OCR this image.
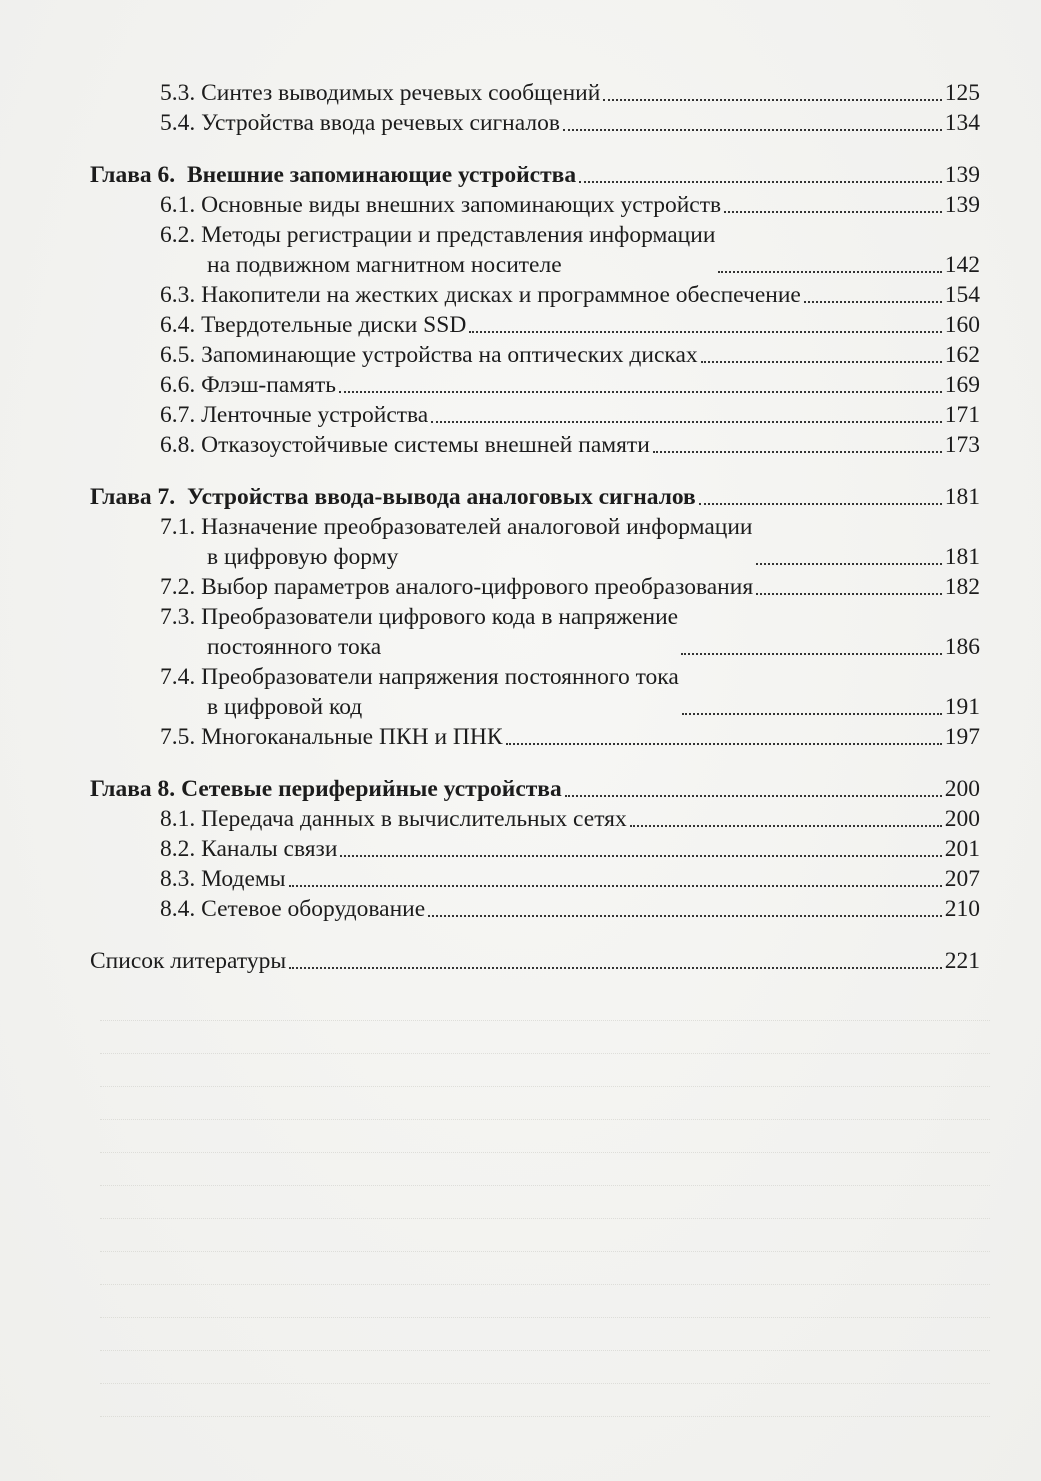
5.3. Синтез выводимых речевых сообщений	125
5.4. Устройства ввода речевых сигналов	134
Глава 6. Внешние запоминающие устройства	139
6.1. Основные виды внешних запоминающих устройств	139
6.2. Методы регистрации и представления информации
на подвижном магнитном носителе	142
6.3. Накопители на жестких дисках и программное обеспечение	154
6.4. Твердотельные диски SSD	160
6.5. Запоминающие устройства на оптических дисках	162
6.6. Флэш-память	169
6.7. Ленточные устройства	171
6.8. Отказоустойчивые системы внешней памяти	173
Глава 7. Устройства ввода-вывода аналоговых сигналов	181
7.1. Назначение преобразователей аналоговой информации
в цифровую форму	181
7.2. Выбор параметров аналого-цифрового преобразования	182
7.3. Преобразователи цифрового кода в напряжение
постоянного тока	186
7.4. Преобразователи напряжения постоянного тока
в цифровой код	191
7.5. Многоканальные ПКН и ПНК	197
Глава 8. Сетевые периферийные устройства	200
8.1. Передача данных в вычислительных сетях	200
8.2. Каналы связи	201
8.3. Модемы	207
8.4. Сетевое оборудование	210
Список литературы	221
